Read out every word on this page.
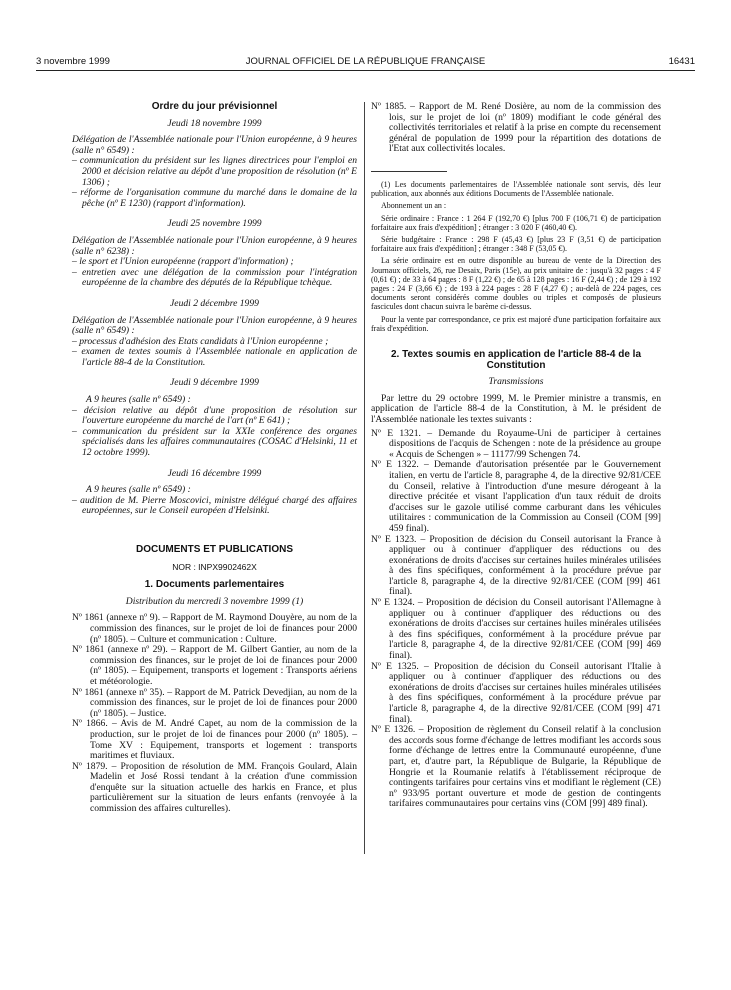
3 novembre 1999	JOURNAL OFFICIEL DE LA RÉPUBLIQUE FRANÇAISE	16431
Ordre du jour prévisionnel
Jeudi 18 novembre 1999
Délégation de l'Assemblée nationale pour l'Union européenne, à 9 heures (salle n° 6549) :

– communication du président sur les lignes directrices pour l'emploi en 2000 et décision relative au dépôt d'une proposition de résolution (nº E 1306) ;

– réforme de l'organisation commune du marché dans le domaine de la pêche (nº E 1230) (rapport d'information).

Jeudi 25 novembre 1999
Délégation de l'Assemblée nationale pour l'Union européenne, à 9 heures (salle n° 6238) :

– le sport et l'Union européenne (rapport d'information) ;

– entretien avec une délégation de la commission pour l'intégration européenne de la chambre des députés de la République tchèque.

Jeudi 2 décembre 1999
Délégation de l'Assemblée nationale pour l'Union européenne, à 9 heures (salle n° 6549) :

– processus d'adhésion des Etats candidats à l'Union européenne ;

– examen de textes soumis à l'Assemblée nationale en application de l'article 88-4 de la Constitution.

Jeudi 9 décembre 1999
A 9 heures (salle nº 6549) :

– décision relative au dépôt d'une proposition de résolution sur l'ouverture européenne du marché de l'art (nº E 641) ;

– communication du président sur la XXIe conférence des organes spécialisés dans les affaires communautaires (COSAC d'Helsinki, 11 et 12 octobre 1999).

Jeudi 16 décembre 1999
A 9 heures (salle nº 6549) :

– audition de M. Pierre Moscovici, ministre délégué chargé des affaires européennes, sur le Conseil européen d'Helsinki.

DOCUMENTS ET PUBLICATIONS
NOR : INPX9902462X
1. Documents parlementaires
Distribution du mercredi 3 novembre 1999 (1)

Nº 1861 (annexe nº 9). – Rapport de M. Raymond Douyère, au nom de la commission des finances, sur le projet de loi de finances pour 2000 (nº 1805). – Culture et communication : Culture.

Nº 1861 (annexe nº 29). – Rapport de M. Gilbert Gantier, au nom de la commission des finances, sur le projet de loi de finances pour 2000 (nº 1805). – Equipement, transports et logement : Transports aériens et météorologie.

Nº 1861 (annexe nº 35). – Rapport de M. Patrick Devedjian, au nom de la commission des finances, sur le projet de loi de finances pour 2000 (nº 1805). – Justice.

Nº 1866. – Avis de M. André Capet, au nom de la commission de la production, sur le projet de loi de finances pour 2000 (nº 1805). – Tome XV : Equipement, transports et logement : transports maritimes et fluviaux.

Nº 1879. – Proposition de résolution de MM. François Goulard, Alain Madelin et José Rossi tendant à la création d'une commission d'enquête sur la situation actuelle des harkis en France, et plus particulièrement sur la situation de leurs enfants (renvoyée à la commission des affaires culturelles).

Nº 1885. – Rapport de M. René Dosière, au nom de la commission des lois, sur le projet de loi (nº 1809) modifiant le code général des collectivités territoriales et relatif à la prise en compte du recensement général de population de 1999 pour la répartition des dotations de l'Etat aux collectivités locales.

(1) Les documents parlementaires de l'Assemblée nationale sont servis, dès leur publication, aux abonnés aux éditions Documents de l'Assemblée nationale.

Abonnement un an :

Série ordinaire : France : 1 264 F (192,70 €) [plus 700 F (106,71 €) de participation forfaitaire aux frais d'expédition] ; étranger : 3 020 F (460,40 €).

Série budgétaire : France : 298 F (45,43 €) [plus 23 F (3,51 €) de participation forfaitaire aux frais d'expédition] ; étranger : 348 F (53,05 €).

La série ordinaire est en outre disponible au bureau de vente de la Direction des Journaux officiels, 26, rue Desaix, Paris (15e), au prix unitaire de : jusqu'à 32 pages : 4 F (0,61 €) ; de 33 à 64 pages : 8 F (1,22 €) ; de 65 à 128 pages : 16 F (2,44 €) ; de 129 à 192 pages : 24 F (3,66 €) ; de 193 à 224 pages : 28 F (4,27 €) ; au-delà de 224 pages, ces documents seront considérés comme doubles ou triples et composés de plusieurs fascicules dont chacun suivra le barème ci-dessus.

Pour la vente par correspondance, ce prix est majoré d'une participation forfaitaire aux frais d'expédition.

2. Textes soumis en application de l'article 88-4 de la Constitution
Transmissions

Par lettre du 29 octobre 1999, M. le Premier ministre a transmis, en application de l'article 88-4 de la Constitution, à M. le président de l'Assemblée nationale les textes suivants :

Nº E 1321. – Demande du Royaume-Uni de participer à certaines dispositions de l'acquis de Schengen : note de la présidence au groupe « Acquis de Schengen » – 11177/99 Schengen 74.

Nº E 1322. – Demande d'autorisation présentée par le Gouvernement italien, en vertu de l'article 8, paragraphe 4, de la directive 92/81/CEE du Conseil, relative à l'introduction d'une mesure dérogeant à la directive précitée et visant l'application d'un taux réduit de droits d'accises sur le gazole utilisé comme carburant dans les véhicules utilitaires : communication de la Commission au Conseil (COM [99] 459 final).

Nº E 1323. – Proposition de décision du Conseil autorisant la France à appliquer ou à continuer d'appliquer des réductions ou des exonérations de droits d'accises sur certaines huiles minérales utilisées à des fins spécifiques, conformément à la procédure prévue par l'article 8, paragraphe 4, de la directive 92/81/CEE (COM [99] 461 final).

Nº E 1324. – Proposition de décision du Conseil autorisant l'Allemagne à appliquer ou à continuer d'appliquer des réductions ou des exonérations de droits d'accises sur certaines huiles minérales utilisées à des fins spécifiques, conformément à la procédure prévue par l'article 8, paragraphe 4, de la directive 92/81/CEE (COM [99] 469 final).

Nº E 1325. – Proposition de décision du Conseil autorisant l'Italie à appliquer ou à continuer d'appliquer des réductions ou des exonérations de droits d'accises sur certaines huiles minérales utilisées à des fins spécifiques, conformément à la procédure prévue par l'article 8, paragraphe 4, de la directive 92/81/CEE (COM [99] 471 final).

Nº E 1326. – Proposition de règlement du Conseil relatif à la conclusion des accords sous forme d'échange de lettres modifiant les accords sous forme d'échange de lettres entre la Communauté européenne, d'une part, et, d'autre part, la République de Bulgarie, la République de Hongrie et la Roumanie relatifs à l'établissement réciproque de contingents tarifaires pour certains vins et modifiant le règlement (CE) nº 933/95 portant ouverture et mode de gestion de contingents tarifaires communautaires pour certains vins (COM [99] 489 final).
